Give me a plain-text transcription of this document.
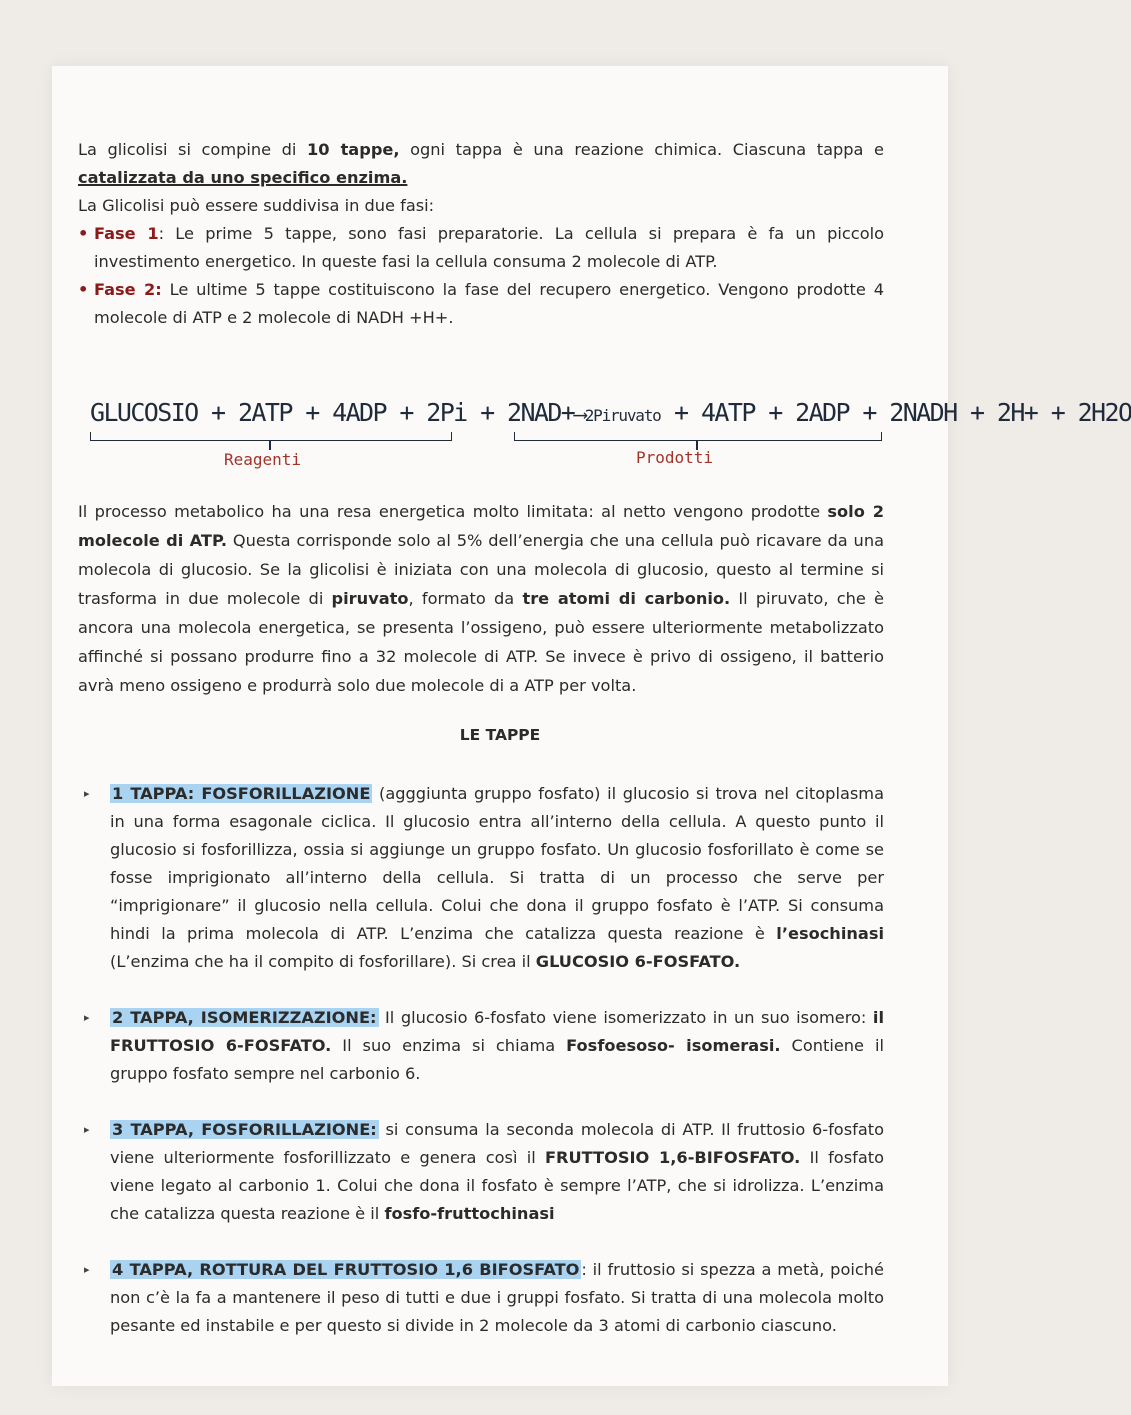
La glicolisi si compine di 10 tappe, ogni tappa è una reazione chimica. Ciascuna tappa e catalizzata da uno specifico enzima.

La Glicolisi può essere suddivisa in due fasi:

• Fase 1: Le prime 5 tappe, sono fasi preparatorie. La cellula si prepara è fa un piccolo investimento energetico. In queste fasi la cellula consuma 2 molecole di ATP.

• Fase 2: Le ultime 5 tappe costituiscono la fase del recupero energetico. Vengono prodotte 4 molecole di ATP e 2 molecole di NADH +H+.

GLUCOSIO + 2ATP + 4ADP + 2Pi + 2NAD+⟶2Piruvato + 4ATP + 2ADP + 2NADH + 2H+ + 2H2O
Reagenti	Prodotti

Il processo metabolico ha una resa energetica molto limitata: al netto vengono prodotte solo 2 molecole di ATP. Questa corrisponde solo al 5% dell’energia che una cellula può ricavare da una molecola di glucosio. Se la glicolisi è iniziata con una molecola di glucosio, questo al termine si trasforma in due molecole di piruvato, formato da tre atomi di carbonio. Il piruvato, che è ancora una molecola energetica, se presenta l’ossigeno, può essere ulteriormente metabolizzato affinché si possano produrre fino a 32 molecole di ATP. Se invece è privo di ossigeno, il batterio avrà meno ossigeno e produrrà solo due molecole di a ATP per volta.

LE TAPPE

▸ 1 TAPPA: FOSFORILLAZIONE (agggiunta gruppo fosfato) il glucosio si trova nel citoplasma in una forma esagonale ciclica. Il glucosio entra all’interno della cellula. A questo punto il glucosio si fosforillizza, ossia si aggiunge un gruppo fosfato. Un glucosio fosforillato è come se fosse imprigionato all’interno della cellula. Si tratta di un processo che serve per “imprigionare” il glucosio nella cellula. Colui che dona il gruppo fosfato è l’ATP. Si consuma hindi la prima molecola di ATP. L’enzima che catalizza questa reazione è l’esochinasi (L’enzima che ha il compito di fosforillare). Si crea il GLUCOSIO 6-FOSFATO.

▸ 2 TAPPA, ISOMERIZZAZIONE: Il glucosio 6-fosfato viene isomerizzato in un suo isomero: il FRUTTOSIO 6-FOSFATO. Il suo enzima si chiama Fosfoesoso- isomerasi. Contiene il gruppo fosfato sempre nel carbonio 6.

▸ 3 TAPPA, FOSFORILLAZIONE: si consuma la seconda molecola di ATP. Il fruttosio 6-fosfato viene ulteriormente fosforillizzato e genera così il FRUTTOSIO 1,6-BIFOSFATO. Il fosfato viene legato al carbonio 1. Colui che dona il fosfato è sempre l’ATP, che si idrolizza. L’enzima che catalizza questa reazione è il fosfo-fruttochinasi

▸ 4 TAPPA, ROTTURA DEL FRUTTOSIO 1,6 BIFOSFATO : il fruttosio si spezza a metà, poiché non c’è la fa a mantenere il peso di tutti e due i gruppi fosfato. Si tratta di una molecola molto pesante ed instabile e per questo si divide in 2 molecole da 3 atomi di carbonio ciascuno.
